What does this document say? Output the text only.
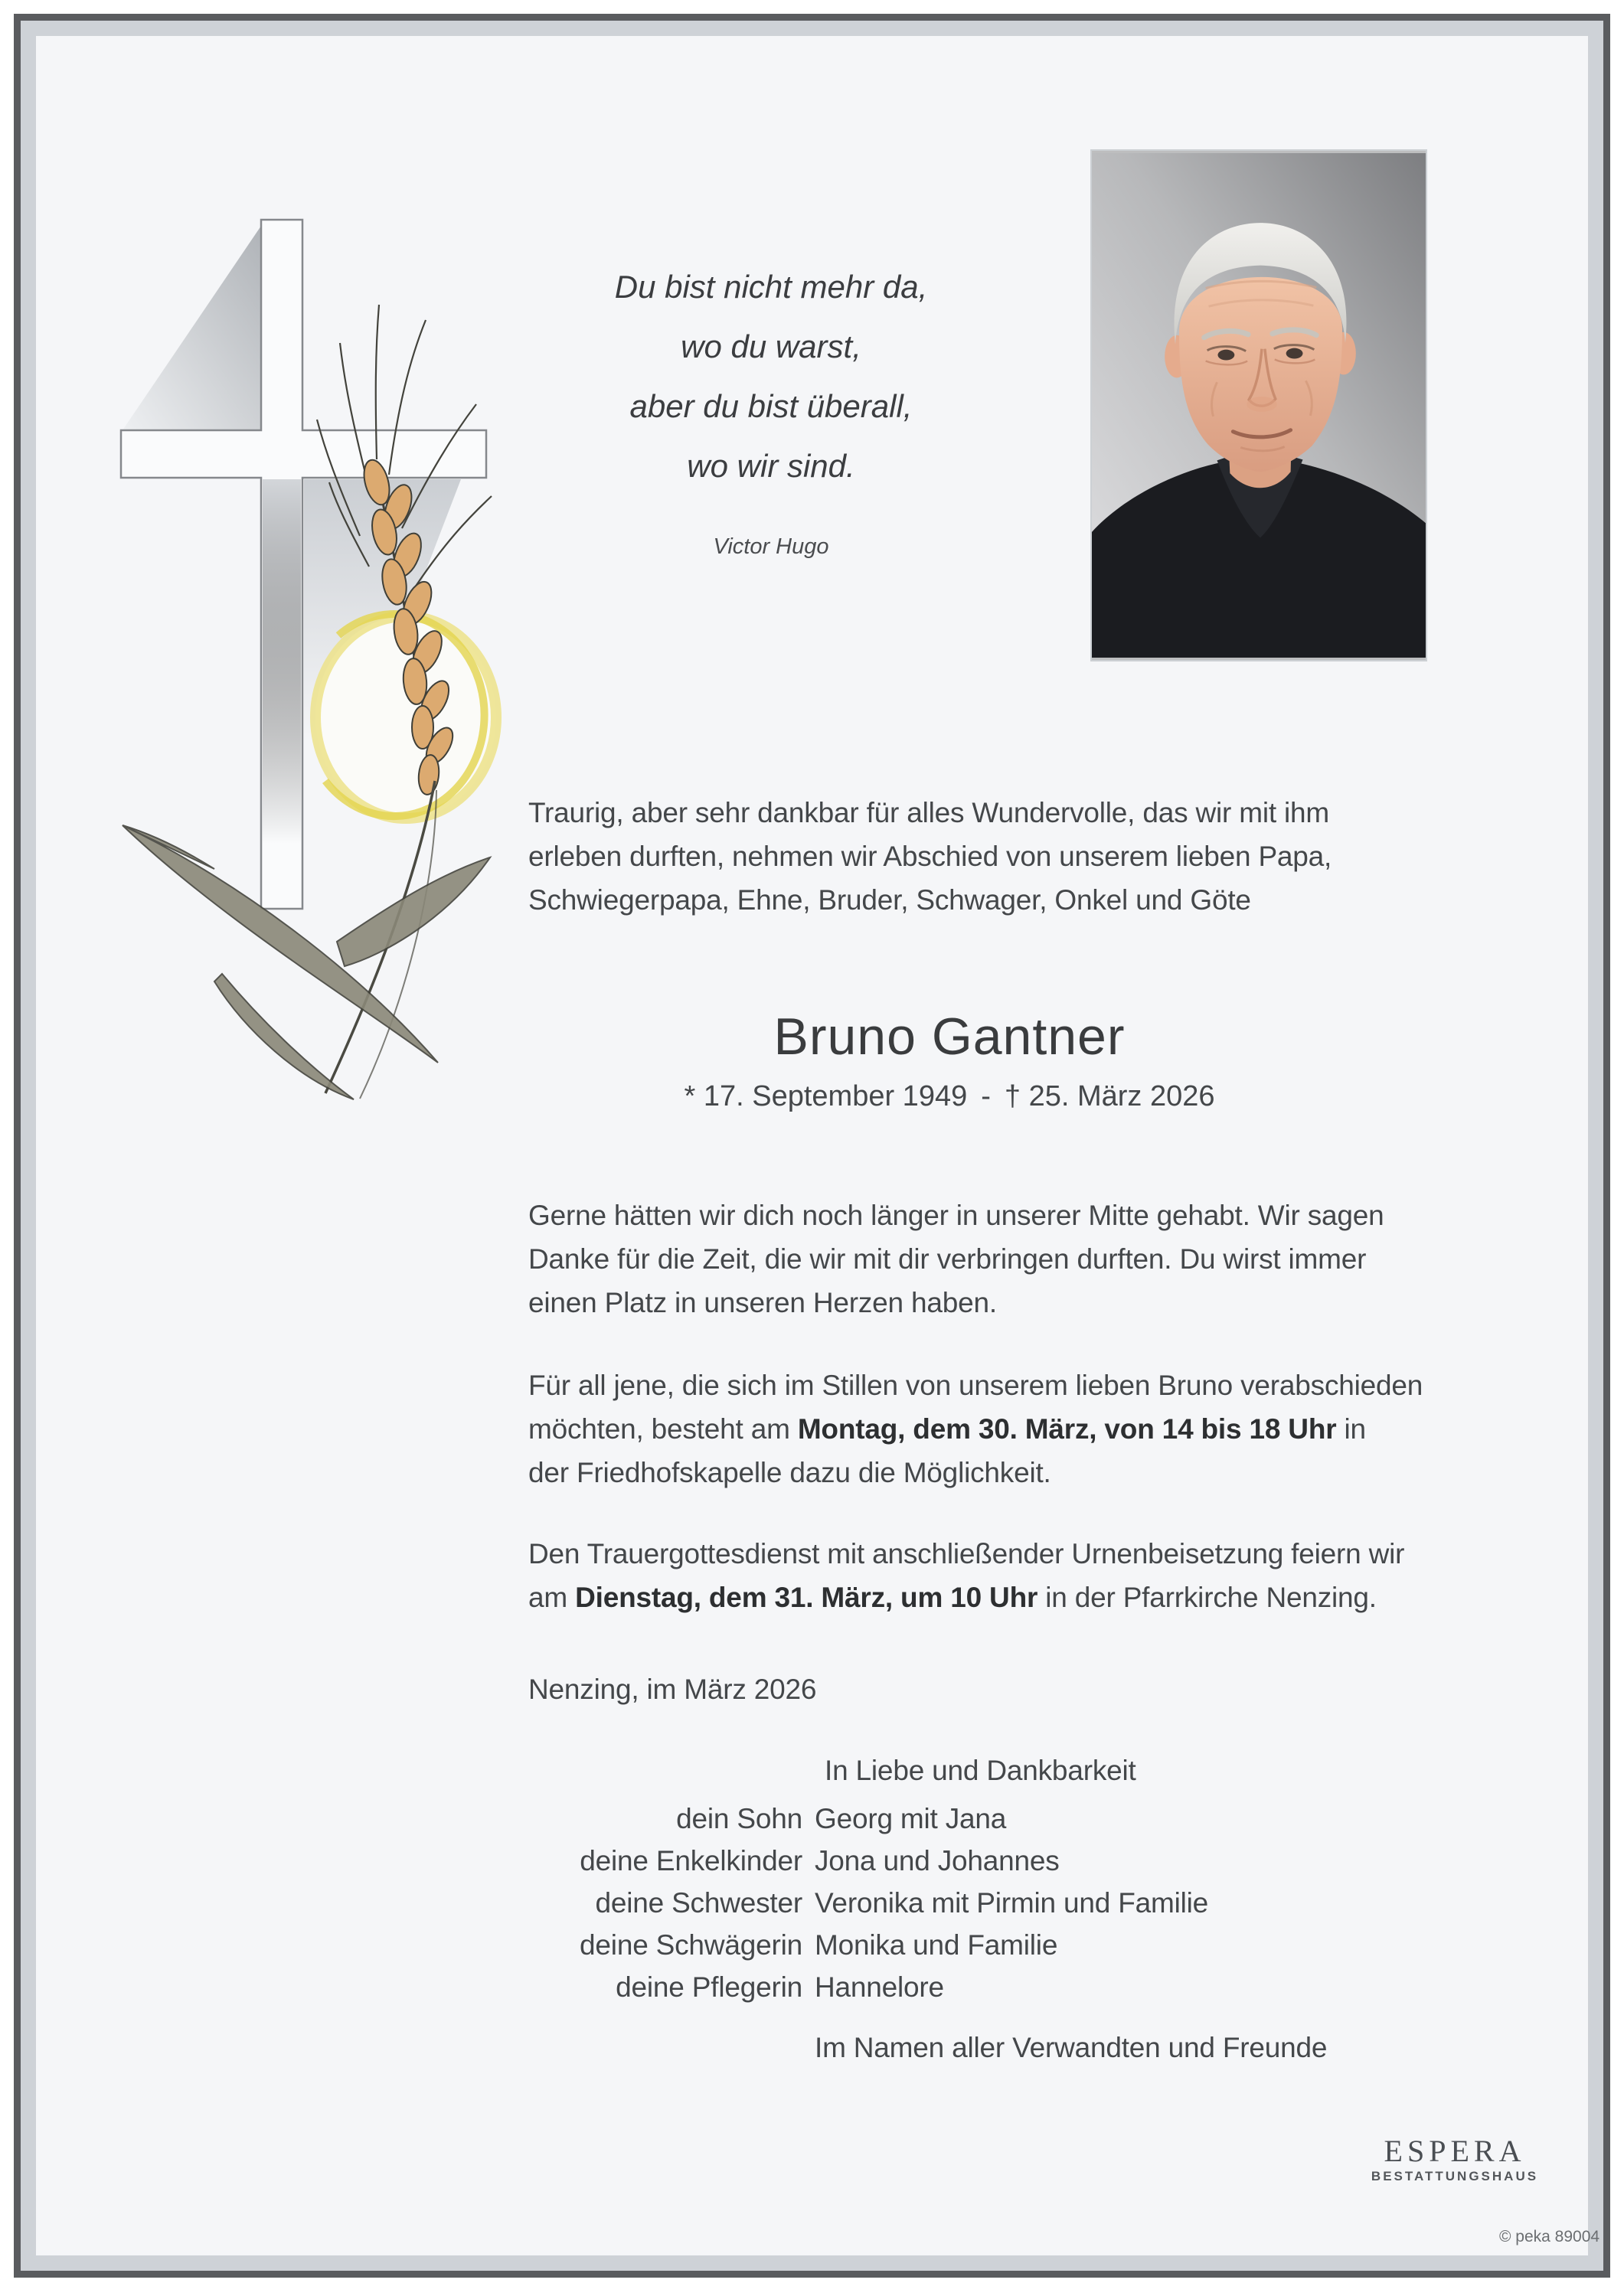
Du bist nicht mehr da,
wo du warst,
aber du bist überall,
wo wir sind.
Victor Hugo
Traurig, aber sehr dankbar für alles Wundervolle, das wir mit ihm
erleben durften, nehmen wir Abschied von unserem lieben Papa,
Schwiegerpapa, Ehne, Bruder, Schwager, Onkel und Göte
Bruno Gantner
* 17. September 1949 - † 25. März 2026
Gerne hätten wir dich noch länger in unserer Mitte gehabt. Wir sagen
Danke für die Zeit, die wir mit dir verbringen durften. Du wirst immer
einen Platz in unseren Herzen haben.
Für all jene, die sich im Stillen von unserem lieben Bruno verabschieden
möchten, besteht am Montag, dem 30. März, von 14 bis 18 Uhr in
der Friedhofskapelle dazu die Möglichkeit.
Den Trauergottesdienst mit anschließender Urnenbeisetzung feiern wir
am Dienstag, dem 31. März, um 10 Uhr in der Pfarrkirche Nenzing.
Nenzing, im März 2026
In Liebe und Dankbarkeit
dein Sohn Georg mit Jana
deine Enkelkinder Jona und Johannes
deine Schwester Veronika mit Pirmin und Familie
deine Schwägerin Monika und Familie
deine Pflegerin Hannelore
Im Namen aller Verwandten und Freunde
ESPERA
BESTATTUNGSHAUS
© peka 89004
